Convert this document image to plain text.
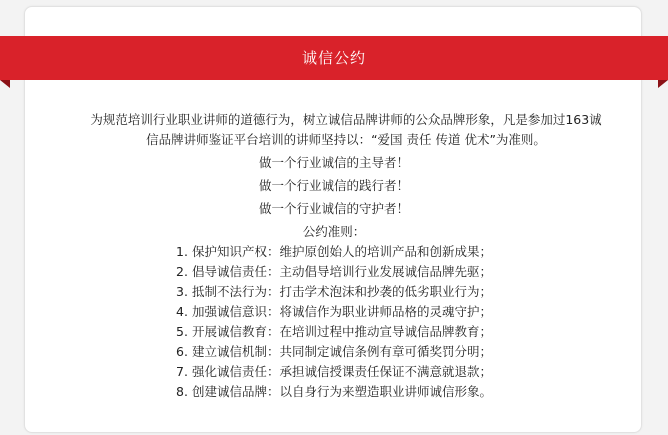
诚信公约

为规范培训行业职业讲师的道德行为，树立诚信品牌讲师的公众品牌形象，凡是参加过163诚
信品牌讲师鉴证平台培训的讲师坚持以：“爱国 责任 传道 优术”为准则。

做一个行业诚信的主导者！
做一个行业诚信的践行者！
做一个行业诚信的守护者！
公约准则：
1. 保护知识产权：维护原创始人的培训产品和创新成果；
2. 倡导诚信责任：主动倡导培训行业发展诚信品牌先驱；
3. 抵制不法行为：打击学术泡沫和抄袭的低劣职业行为；
4. 加强诚信意识：将诚信作为职业讲师品格的灵魂守护；
5. 开展诚信教育：在培训过程中推动宣导诚信品牌教育；
6. 建立诚信机制：共同制定诚信条例有章可循奖罚分明；
7. 强化诚信责任：承担诚信授课责任保证不满意就退款；
8. 创建诚信品牌：以自身行为来塑造职业讲师诚信形象。
